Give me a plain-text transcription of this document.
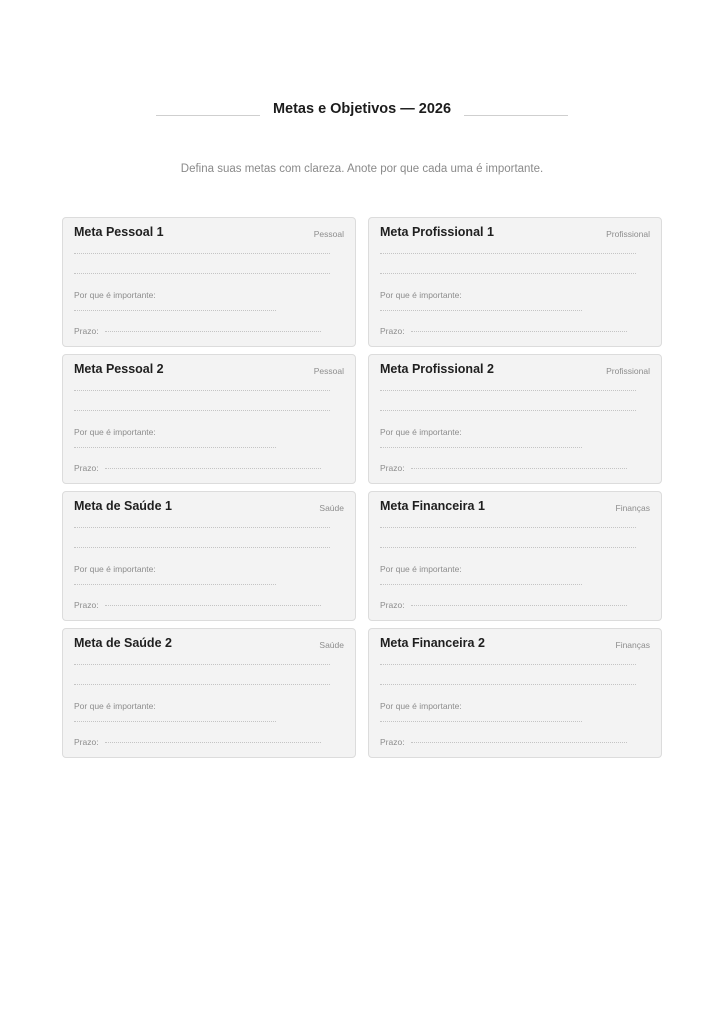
Metas e Objetivos — 2026
Defina suas metas com clareza. Anote por que cada uma é importante.
Meta Pessoal 1	Pessoal
Por que é importante:
Prazo:
Meta Profissional 1	Profissional
Por que é importante:
Prazo:
Meta Pessoal 2	Pessoal
Por que é importante:
Prazo:
Meta Profissional 2	Profissional
Por que é importante:
Prazo:
Meta de Saúde 1	Saúde
Por que é importante:
Prazo:
Meta Financeira 1	Finanças
Por que é importante:
Prazo:
Meta de Saúde 2	Saúde
Por que é importante:
Prazo:
Meta Financeira 2	Finanças
Por que é importante:
Prazo:
